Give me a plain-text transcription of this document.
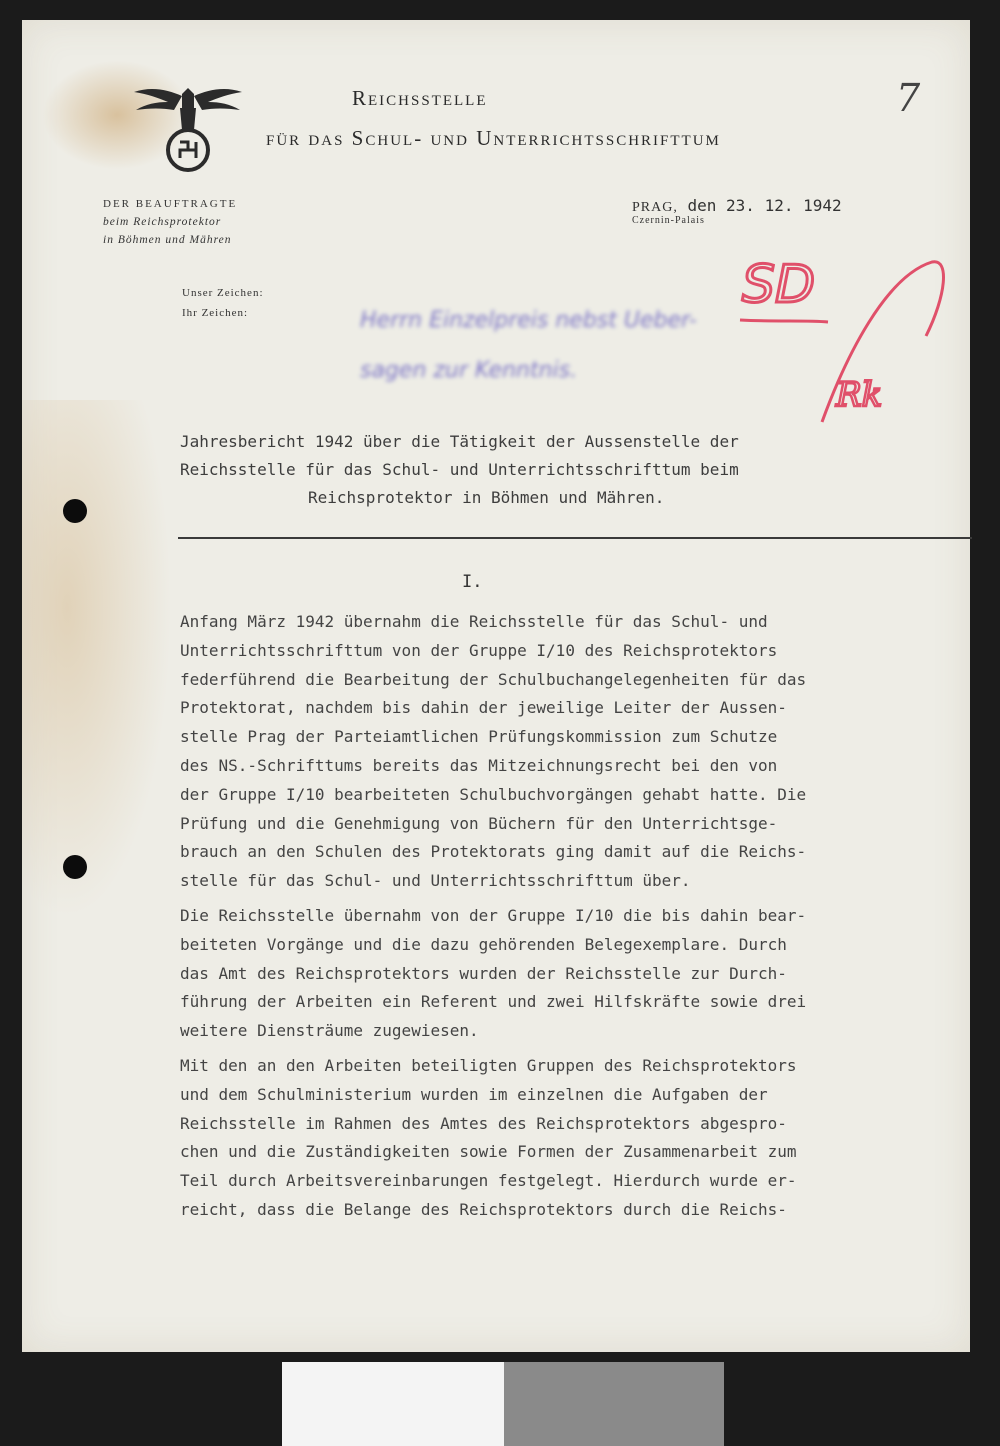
Reichsstelle
für das Schul- und Unterrichtsschrifttum
DER BEAUFTRAGTE
beim Reichsprotektor
in Böhmen und Mähren
PRAG, den 23. 12. 1942
Czernin-Palais
Unser Zeichen:
Ihr Zeichen:
7
Herrn Einzelpreis nebst Ueber-
sagen zur Kenntnis.
SD
Rk
Jahresbericht 1942 über die Tätigkeit der Aussenstelle der
Reichsstelle für das Schul- und Unterrichtsschrifttum beim
Reichsprotektor in Böhmen und Mähren.
I.

Anfang März 1942 übernahm die Reichsstelle für das Schul- und
Unterrichtsschrifttum von der Gruppe I/10 des Reichsprotektors
federführend die Bearbeitung der Schulbuchangelegenheiten für das
Protektorat, nachdem bis dahin der jeweilige Leiter der Aussen-
stelle Prag der Parteiamtlichen Prüfungskommission zum Schutze
des NS.-Schrifttums bereits das Mitzeichnungsrecht bei den von
der Gruppe I/10 bearbeiteten Schulbuchvorgängen gehabt hatte. Die
Prüfung und die Genehmigung von Büchern für den Unterrichtsge-
brauch an den Schulen des Protektorats ging damit auf die Reichs-
stelle für das Schul- und Unterrichtsschrifttum über.

Die Reichsstelle übernahm von der Gruppe I/10 die bis dahin bear-
beiteten Vorgänge und die dazu gehörenden Belegexemplare. Durch
das Amt des Reichsprotektors wurden der Reichsstelle zur Durch-
führung der Arbeiten ein Referent und zwei Hilfskräfte sowie drei
weitere Diensträume zugewiesen.

Mit den an den Arbeiten beteiligten Gruppen des Reichsprotektors
und dem Schulministerium wurden im einzelnen die Aufgaben der
Reichsstelle im Rahmen des Amtes des Reichsprotektors abgespro-
chen und die Zuständigkeiten sowie Formen der Zusammenarbeit zum
Teil durch Arbeitsvereinbarungen festgelegt. Hierdurch wurde er-
reicht, dass die Belange des Reichsprotektors durch die Reichs-
